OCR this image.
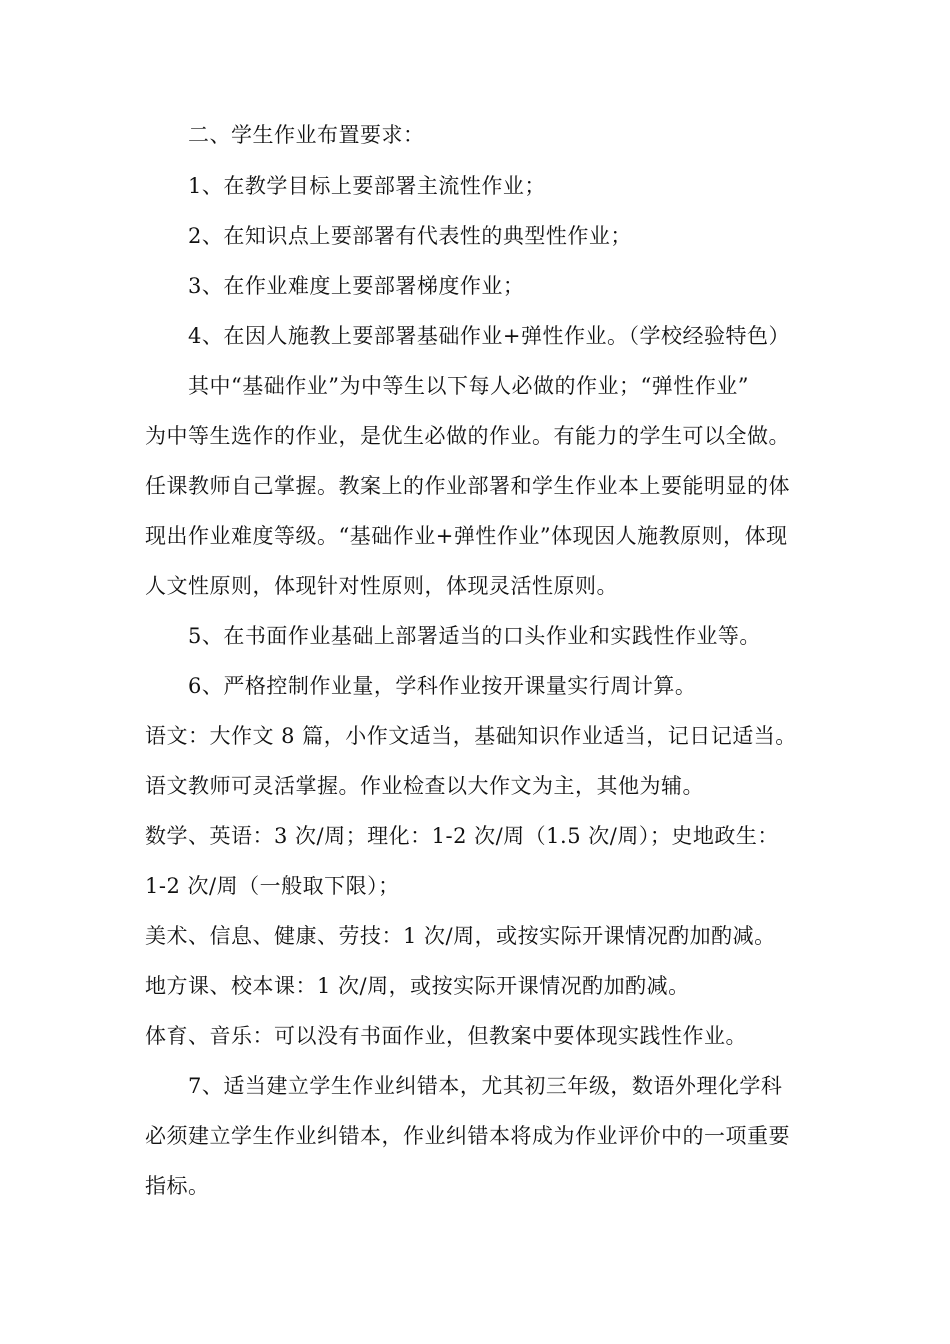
二、学生作业布置要求：
1、在教学目标上要部署主流性作业；
2、在知识点上要部署有代表性的典型性作业；
3、在作业难度上要部署梯度作业；
4、在因人施教上要部署基础作业+弹性作业。（学校经验特色）
其中“基础作业”为中等生以下每人必做的作业；“弹性作业”
为中等生选作的作业，是优生必做的作业。有能力的学生可以全做。
任课教师自己掌握。教案上的作业部署和学生作业本上要能明显的体
现出作业难度等级。“基础作业+弹性作业”体现因人施教原则，体现
人文性原则，体现针对性原则，体现灵活性原则。
5、在书面作业基础上部署适当的口头作业和实践性作业等。
6、严格控制作业量，学科作业按开课量实行周计算。
语文：大作文 8 篇，小作文适当，基础知识作业适当，记日记适当。
语文教师可灵活掌握。作业检查以大作文为主，其他为辅。
数学、英语：3 次/周；理化：1-2 次/周（1.5 次/周）；史地政生：
1-2 次/周（一般取下限）；
美术、信息、健康、劳技：1 次/周，或按实际开课情况酌加酌减。
地方课、校本课：1 次/周，或按实际开课情况酌加酌减。
体育、音乐：可以没有书面作业，但教案中要体现实践性作业。
7、适当建立学生作业纠错本，尤其初三年级，数语外理化学科
必须建立学生作业纠错本，作业纠错本将成为作业评价中的一项重要
指标。
